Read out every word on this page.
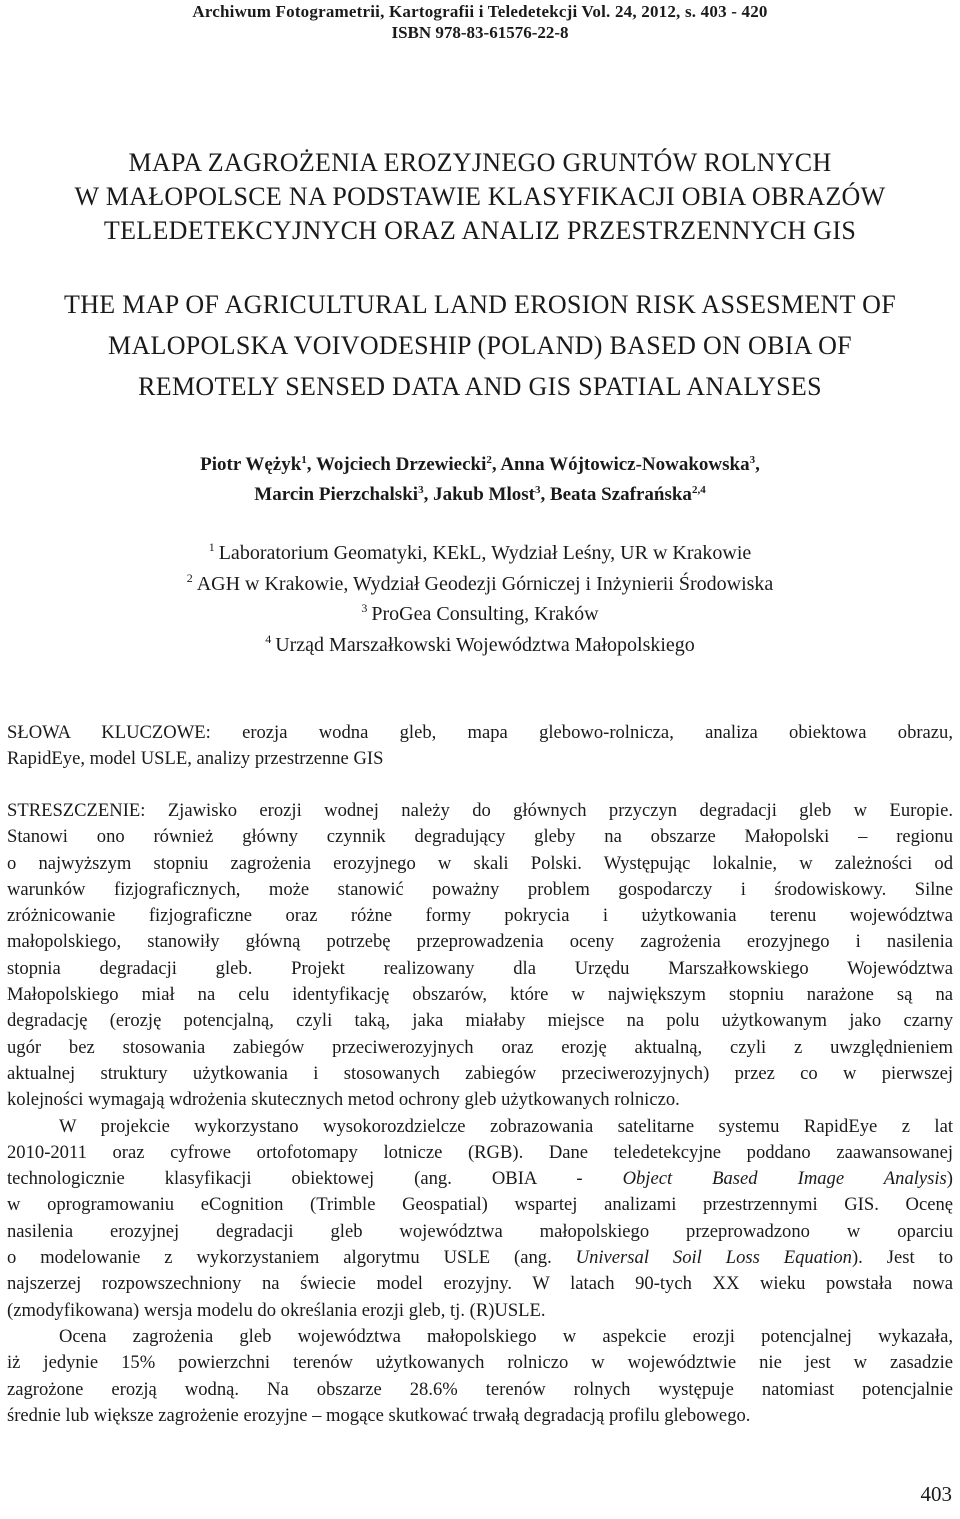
Archiwum Fotogrametrii, Kartografii i Teledetekcji Vol. 24, 2012, s. 403 - 420
ISBN 978-83-61576-22-8
MAPA ZAGROŻENIA EROZYJNEGO GRUNTÓW ROLNYCH
W MAŁOPOLSCE NA PODSTAWIE KLASYFIKACJI OBIA OBRAZÓW
TELEDETEKCYJNYCH ORAZ ANALIZ PRZESTRZENNYCH GIS
THE MAP OF AGRICULTURAL LAND EROSION RISK ASSESMENT OF
MALOPOLSKA VOIVODESHIP (POLAND) BASED ON OBIA OF
REMOTELY SENSED DATA AND GIS SPATIAL ANALYSES
Piotr Wężyk$^1$, Wojciech Drzewiecki$^2$, Anna Wójtowicz-Nowakowska$^3$,
Marcin Pierzchalski$^3$, Jakub Mlost$^3$, Beata Szafrańska$^{2,4}$
$^1$ Laboratorium Geomatyki, KEkL, Wydział Leśny, UR w Krakowie
$^2$ AGH w Krakowie, Wydział Geodezji Górniczej i Inżynierii Środowiska
$^3$ ProGea Consulting, Kraków
$^4$ Urząd Marszałkowski Województwa Małopolskiego
SŁOWA KLUCZOWE: erozja wodna gleb, mapa glebowo-rolnicza, analiza obiektowa obrazu,
RapidEye, model USLE, analizy przestrzenne GIS
STRESZCZENIE: Zjawisko erozji wodnej należy do głównych przyczyn degradacji gleb w Europie.
Stanowi ono również główny czynnik degradujący gleby na obszarze Małopolski – regionu
o najwyższym stopniu zagrożenia erozyjnego w skali Polski. Występując lokalnie, w zależności od
warunków fizjograficznych, może stanowić poważny problem gospodarczy i środowiskowy. Silne
zróżnicowanie fizjograficzne oraz różne formy pokrycia i użytkowania terenu województwa
małopolskiego, stanowiły główną potrzebę przeprowadzenia oceny zagrożenia erozyjnego i nasilenia
stopnia degradacji gleb. Projekt realizowany dla Urzędu Marszałkowskiego Województwa
Małopolskiego miał na celu identyfikację obszarów, które w największym stopniu narażone są na
degradację (erozję potencjalną, czyli taką, jaka miałaby miejsce na polu użytkowanym jako czarny
ugór bez stosowania zabiegów przeciwerozyjnych oraz erozję aktualną, czyli z uwzględnieniem
aktualnej struktury użytkowania i stosowanych zabiegów przeciwerozyjnych) przez co w pierwszej
kolejności wymagają wdrożenia skutecznych metod ochrony gleb użytkowanych rolniczo.
W projekcie wykorzystano wysokorozdzielcze zobrazowania satelitarne systemu RapidEye z lat
2010-2011 oraz cyfrowe ortofotomapy lotnicze (RGB). Dane teledetekcyjne poddano zaawansowanej
technologicznie klasyfikacji obiektowej (ang. OBIA - Object Based Image Analysis)
w oprogramowaniu eCognition (Trimble Geospatial) wspartej analizami przestrzennymi GIS. Ocenę
nasilenia erozyjnej degradacji gleb województwa małopolskiego przeprowadzono w oparciu
o modelowanie z wykorzystaniem algorytmu USLE (ang. Universal Soil Loss Equation). Jest to
najszerzej rozpowszechniony na świecie model erozyjny. W latach 90-tych XX wieku powstała nowa
(zmodyfikowana) wersja modelu do określania erozji gleb, tj. (R)USLE.
Ocena zagrożenia gleb województwa małopolskiego w aspekcie erozji potencjalnej wykazała,
iż jedynie 15% powierzchni terenów użytkowanych rolniczo w województwie nie jest w zasadzie
zagrożone erozją wodną. Na obszarze 28.6% terenów rolnych występuje natomiast potencjalnie
średnie lub większe zagrożenie erozyjne – mogące skutkować trwałą degradacją profilu glebowego.
403
